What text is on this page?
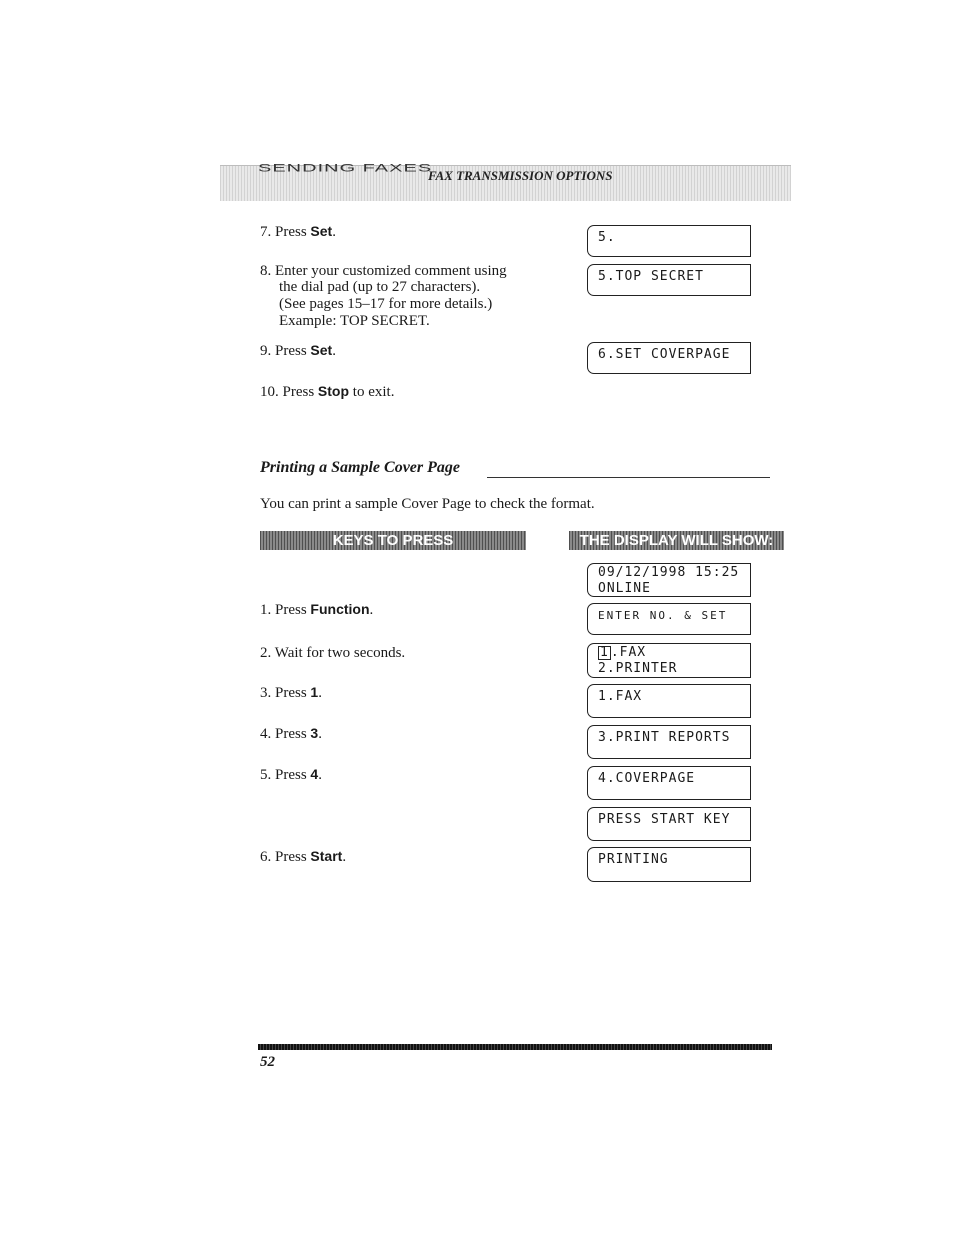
SENDING FAXES
FAX TRANSMISSION OPTIONS
7. Press Set.
8. Enter your customized comment using
the dial pad (up to 27 characters).
(See pages 15–17 for more details.)
Example: TOP SECRET.
9. Press Set.
10. Press Stop to exit.
5.
5.TOP SECRET
6.SET COVERPAGE
Printing a Sample Cover Page
You can print a sample Cover Page to check the format.
KEYS TO PRESS	THE DISPLAY WILL SHOW:
1. Press Function.
2. Wait for two seconds.
3. Press 1.
4. Press 3.
5. Press 4.
6. Press Start.
09/12/1998 15:25
ONLINE
ENTER NO. & SET
1 .FAX
2.PRINTER
1.FAX
3.PRINT REPORTS
4.COVERPAGE
PRESS START KEY
PRINTING
52
